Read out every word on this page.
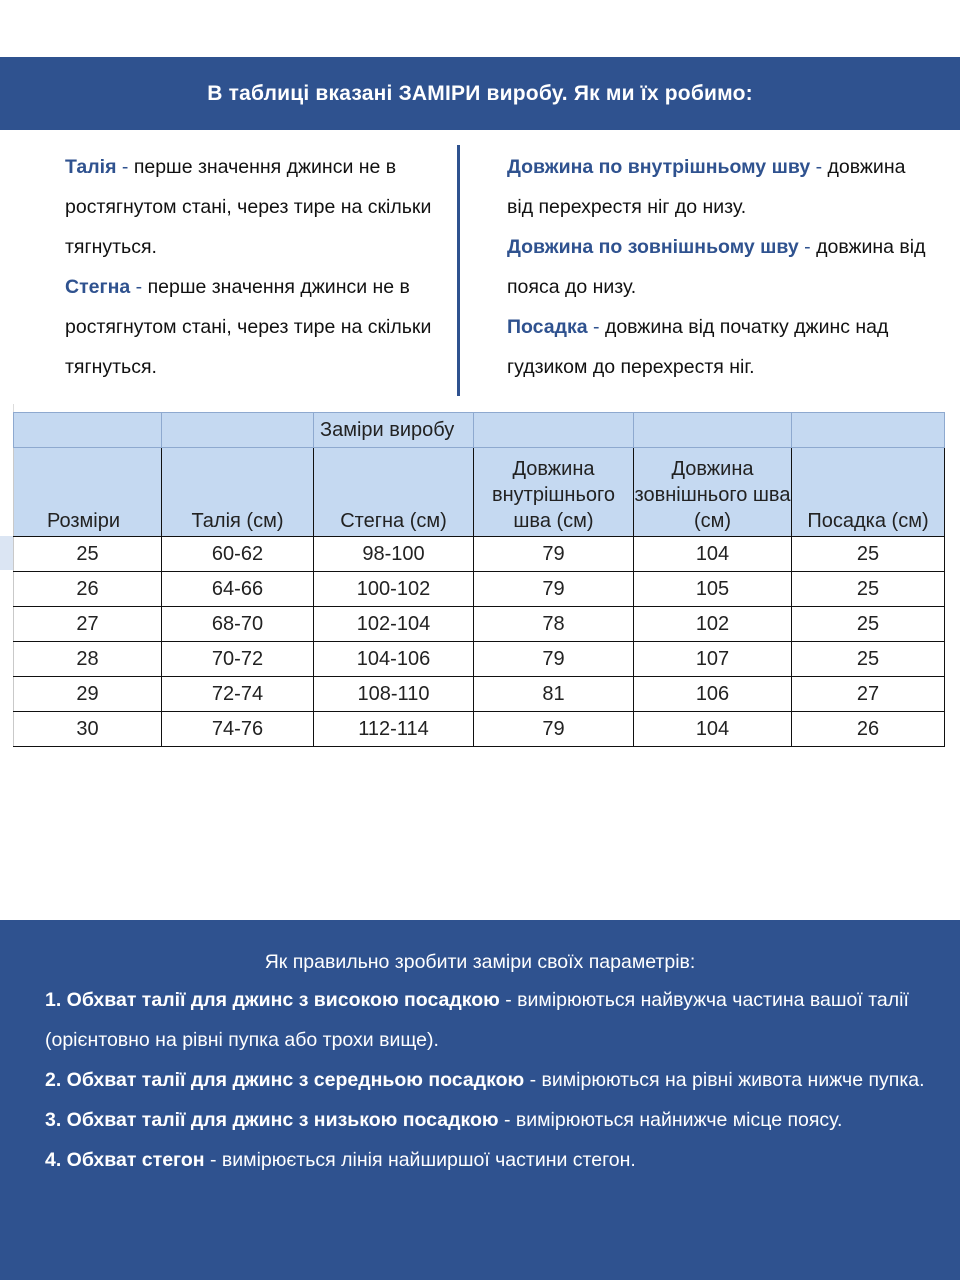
В таблиці вказані ЗАМІРИ виробу. Як ми їх робимо:

Талія - перше значення джинси не в ростягнутом стані, через тире на скільки тягнуться.

Стегна - перше значення джинси не в ростягнутом стані, через тире на скільки тягнуться.

Довжина по внутрішньому шву - довжина від перехрестя ніг до низу.

Довжина по зовнішньому шву - довжина від пояса до низу.

Посадка - довжина від початку джинс над гудзиком до перехрестя ніг.

		Заміри виробу			
Розміри	Талія (см)	Стегна (см)	Довжина внутрішнього шва (см)	Довжина зовнішнього шва (см)	Посадка (см)
25	60-62	98-100	79	104	25
26	64-66	100-102	79	105	25
27	68-70	102-104	78	102	25
28	70-72	104-106	79	107	25
29	72-74	108-110	81	106	27
30	74-76	112-114	79	104	26
Як правильно зробити заміри своїх параметрів:

1. Обхват талії для джинс з високою посадкою - вимірюються найвужча частина вашої талії (орієнтовно на рівні пупка або трохи вище).

2. Обхват талії для джинс з середньою посадкою - вимірюються на рівні живота нижче пупка.

3. Обхват талії для джинс з низькою посадкою - вимірюються найнижче місце поясу.

4. Обхват стегон - вимірюється лінія найширшої частини стегон.
